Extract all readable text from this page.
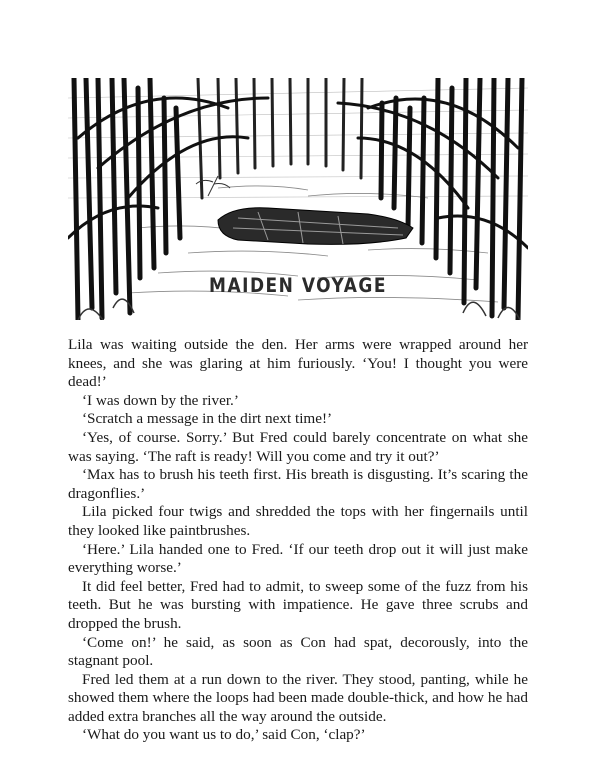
MAIDEN VOYAGE

Lila was waiting outside the den. Her arms were wrapped around her knees, and she was glaring at him furiously. ‘You! I thought you were dead!’

‘I was down by the river.’

‘Scratch a message in the dirt next time!’

‘Yes, of course. Sorry.’ But Fred could barely concentrate on what she was saying. ‘The raft is ready! Will you come and try it out?’

‘Max has to brush his teeth first. His breath is disgusting. It’s scaring the dragonflies.’

Lila picked four twigs and shredded the tops with her fingernails until they looked like paintbrushes.

‘Here.’ Lila handed one to Fred. ‘If our teeth drop out it will just make everything worse.’

It did feel better, Fred had to admit, to sweep some of the fuzz from his teeth. But he was bursting with impatience. He gave three scrubs and dropped the brush.

‘Come on!’ he said, as soon as Con had spat, decorously, into the stagnant pool.

Fred led them at a run down to the river. They stood, panting, while he showed them where the loops had been made double-thick, and how he had added extra branches all the way around the outside.

‘What do you want us to do,’ said Con, ‘clap?’
